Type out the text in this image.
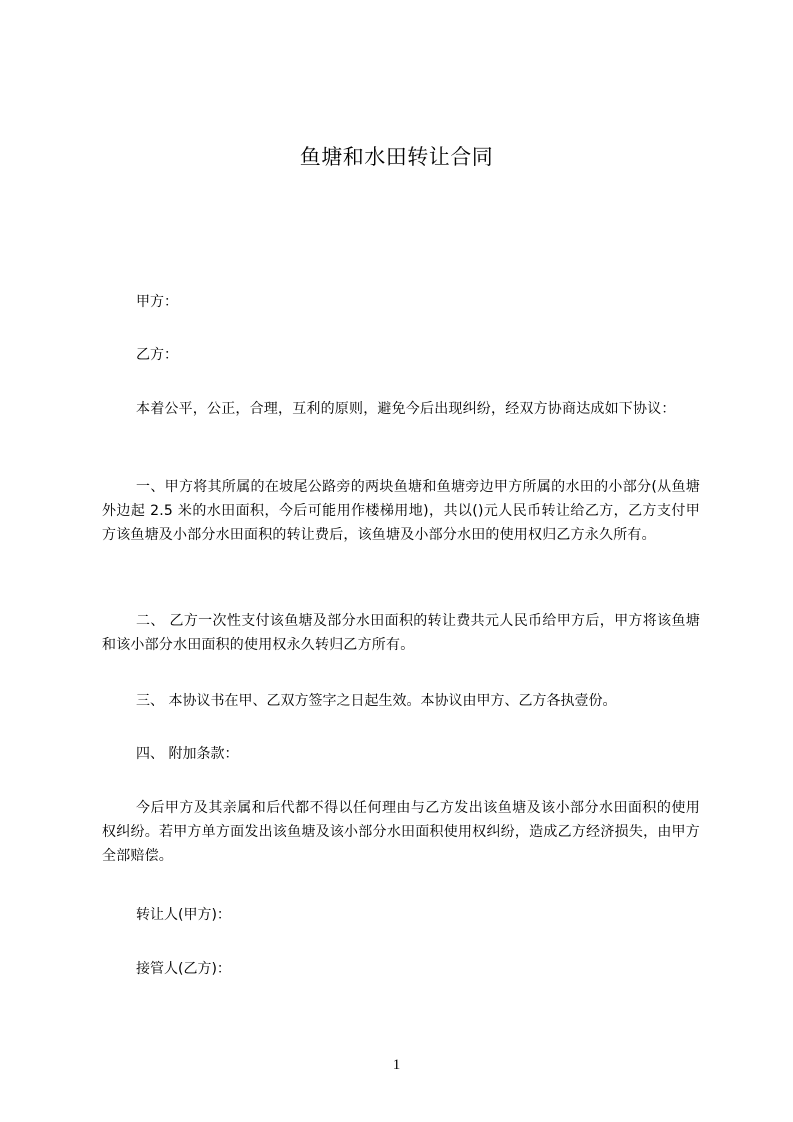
鱼塘和水田转让合同
甲方：
乙方：
本着公平，公正，合理，互利的原则，避免今后出现纠纷，经双方协商达成如下协议：
一、甲方将其所属的在坡尾公路旁的两块鱼塘和鱼塘旁边甲方所属的水田的小部分(从鱼塘外边起 2.5 米的水田面积，今后可能用作楼梯用地)，共以()元人民币转让给乙方，乙方支付甲方该鱼塘及小部分水田面积的转让费后，该鱼塘及小部分水田的使用权归乙方永久所有。
二、 乙方一次性支付该鱼塘及部分水田面积的转让费共元人民币给甲方后，甲方将该鱼塘和该小部分水田面积的使用权永久转归乙方所有。
三、 本协议书在甲、乙双方签字之日起生效。本协议由甲方、乙方各执壹份。
四、 附加条款：
今后甲方及其亲属和后代都不得以任何理由与乙方发出该鱼塘及该小部分水田面积的使用权纠纷。若甲方单方面发出该鱼塘及该小部分水田面积使用权纠纷，造成乙方经济损失，由甲方全部赔偿。
转让人(甲方)：
接管人(乙方)：
1
